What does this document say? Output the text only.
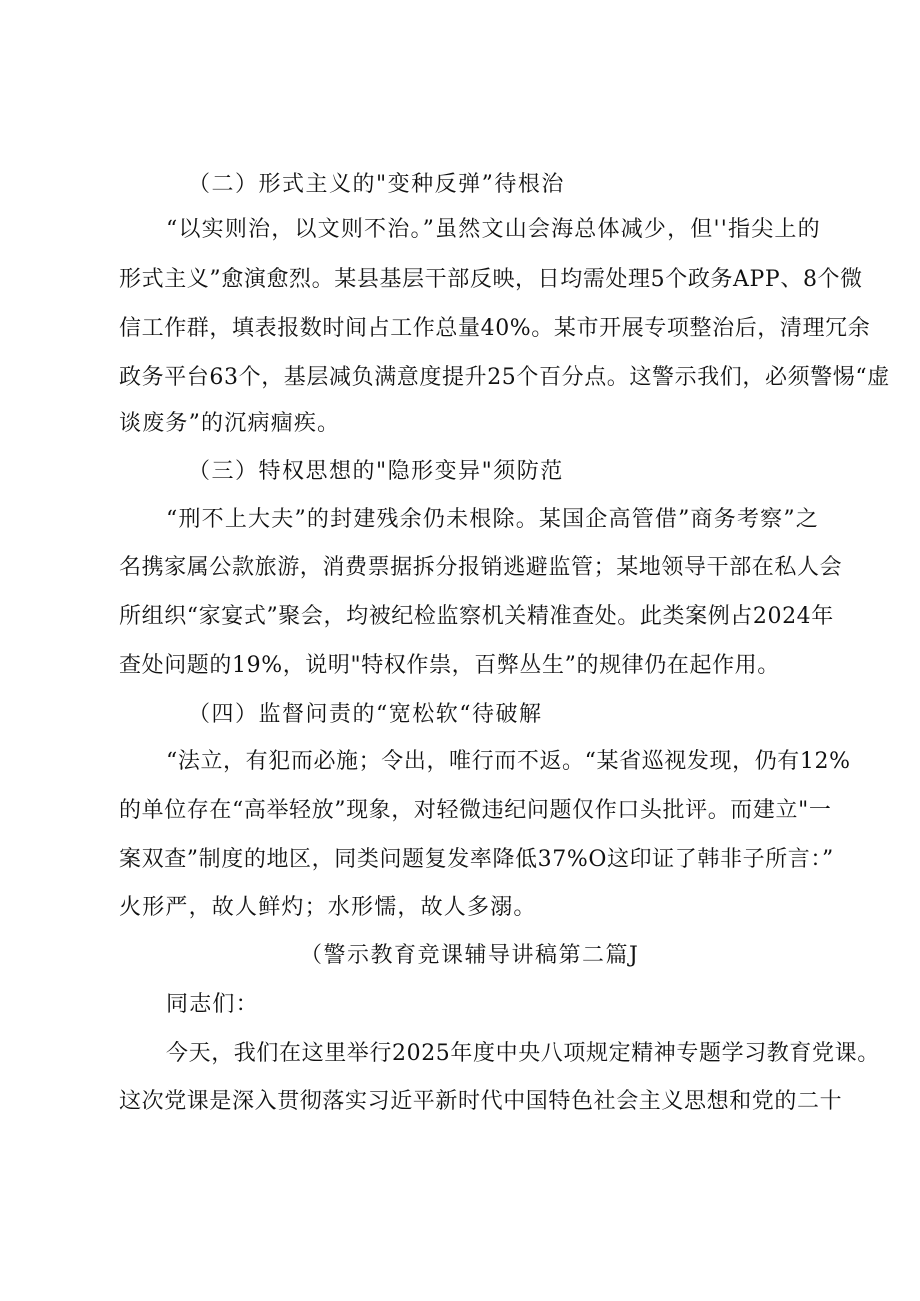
（二）形式主义的"变种反弹”待根治
“以实则治，以文则不治。”虽然文山会海总体减少，但''指尖上的
形式主义”愈演愈烈。某县基层干部反映，日均需处理5个政务APP、8个微
信工作群，填表报数时间占工作总量40%。某市开展专项整治后，清理冗余
政务平台63个，基层减负满意度提升25个百分点。这警示我们，必须警惕“虚
谈废务”的沉病痼疾。
（三）特权思想的"隐形变异"须防范
“刑不上大夫”的封建残余仍未根除。某国企高管借”商务考察”之
名携家属公款旅游，消费票据拆分报销逃避监管；某地领导干部在私人会
所组织“家宴式”聚会，均被纪检监察机关精准查处。此类案例占2024年
查处问题的19%，说明"特权作祟，百弊丛生”的规律仍在起作用。
（四）监督问责的“宽松软“待破解
“法立，有犯而必施；令出，唯行而不返。“某省巡视发现，仍有12%
的单位存在“高举轻放”现象，对轻微违纪问题仅作口头批评。而建立"一
案双查”制度的地区，同类问题复发率降低37%O这印证了韩非子所言：”
火形严，故人鲜灼；水形懦，故人多溺。
（警示教育竞课辅导讲稿第二篇J
同志们：
今天，我们在这里举行2025年度中央八项规定精神专题学习教育党课。
这次党课是深入贯彻落实习近平新时代中国特色社会主义思想和党的二十
